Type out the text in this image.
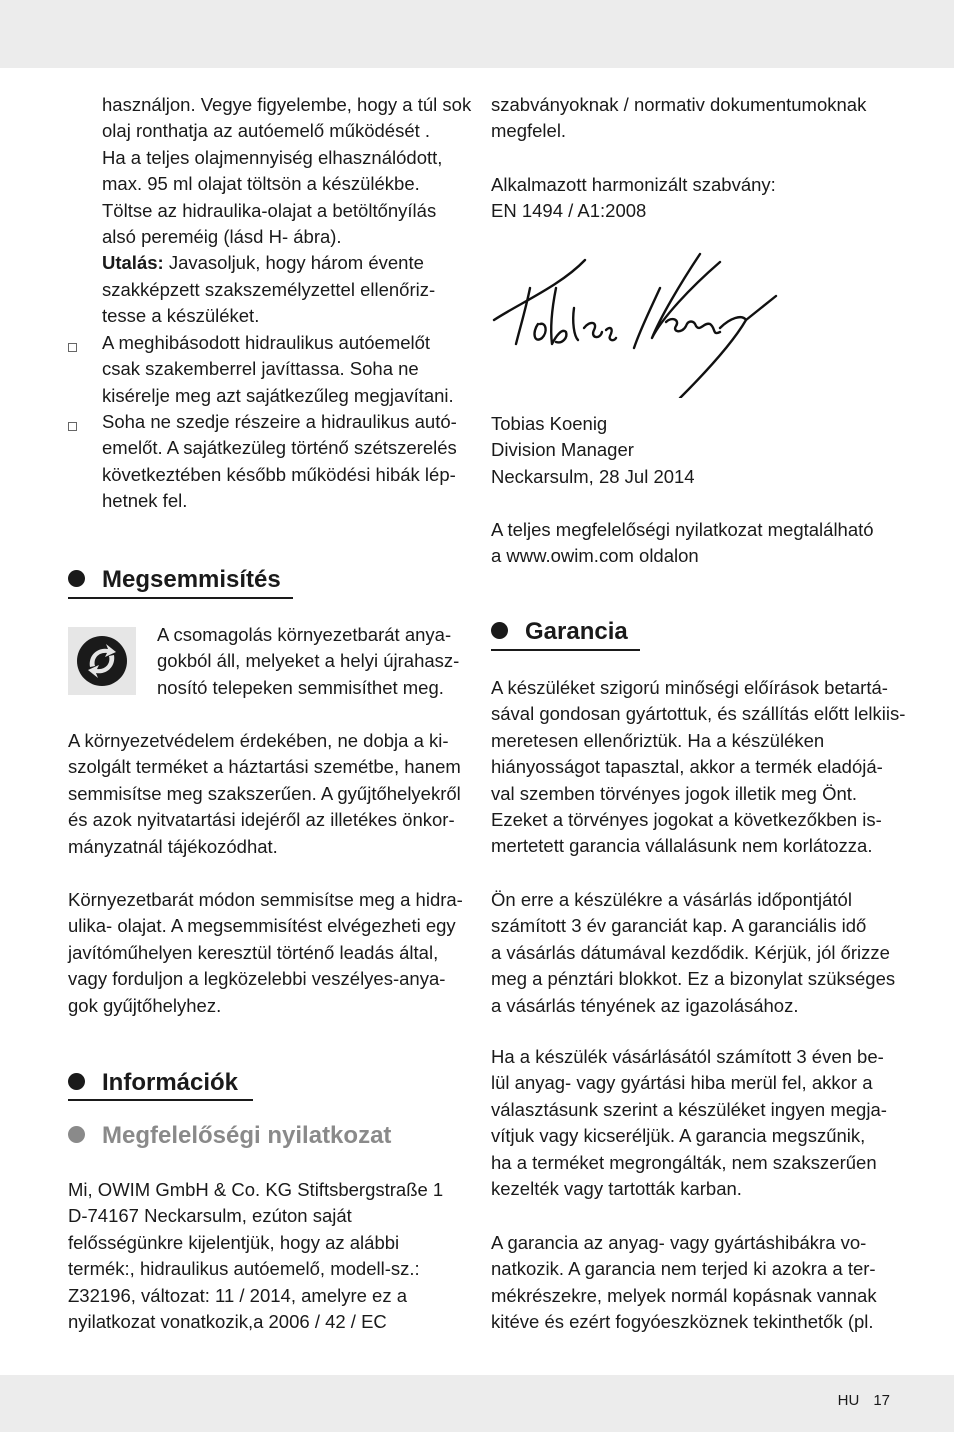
használjon. Vegye figyelembe, hogy a túl sok
olaj ronthatja az autóemelő működését .
Ha a teljes olajmennyiség elhasználódott,
max. 95 ml olajat töltsön a készülékbe.
Töltse az hidraulika-olajat a betöltőnyílás
alsó pereméig (lásd H- ábra).
Utalás: Javasoljuk, hogy három évente
szakképzett szakszemélyzettel ellenőriz-
tesse a készüléket.
A meghibásodott hidraulikus autóemelőt
csak szakemberrel javíttassa. Soha ne
kisérelje meg azt sajátkezűleg megjavítani.
Soha ne szedje részeire a hidraulikus autó-
emelőt. A sajátkezüleg történő szétszerelés
következtében később működési hibák lép-
hetnek fel.
Megsemmisítés
A csomagolás környezetbarát anya-
gokból áll, melyeket a helyi újrahasz-
nosító telepeken semmisíthet meg.
A környezetvédelem érdekében, ne dobja a ki-
szolgált terméket a háztartási szemétbe, hanem
semmisítse meg szakszerűen. A gyűjtőhelyekről
és azok nyitvatartási idejéről az illetékes önkor-
mányzatnál tájékozódhat.
Környezetbarát módon semmisítse meg a hidra-
ulika- olajat. A megsemmisítést elvégezheti egy
javítóműhelyen keresztül történő leadás által,
vagy forduljon a legközelebbi veszélyes-anya-
gok gyűjtőhelyhez.
Információk
Megfelelőségi nyilatkozat
Mi, OWIM GmbH & Co. KG Stiftsbergstraße 1
D-74167 Neckarsulm, ezúton saját
felősségünkre kijelentjük, hogy az alábbi
termék:, hidraulikus autóemelő, modell-sz.:
Z32196, változat: 11 / 2014, amelyre ez a
nyilatkozat vonatkozik,a 2006 / 42 / EC
szabványoknak / normativ dokumentumoknak
megfelel.
Alkalmazott harmonizált szabvány:
EN 1494 / A1:2008
Tobias Koenig
Division Manager
Neckarsulm, 28 Jul 2014
A teljes megfelelőségi nyilatkozat megtalálható
a www.owim.com oldalon
Garancia
A készüléket szigorú minőségi előírások betartá-
sával gondosan gyártottuk, és szállítás előtt lelkiis-
meretesen ellenőriztük. Ha a készüléken
hiányosságot tapasztal, akkor a termék eladójá-
val szemben törvényes jogok illetik meg Önt.
Ezeket a törvényes jogokat a következőkben is-
mertetett garancia vállalásunk nem korlátozza.
Ön erre a készülékre a vásárlás időpontjától
számított 3 év garanciát kap. A garanciális idő
a vásárlás dátumával kezdődik. Kérjük, jól őrizze
meg a pénztári blokkot. Ez a bizonylat szükséges
a vásárlás tényének az igazolásához.
Ha a készülék vásárlásától számított 3 éven be-
lül anyag- vagy gyártási hiba merül fel, akkor a
választásunk szerint a készüléket ingyen megja-
vítjuk vagy kicseréljük. A garancia megszűnik,
ha a terméket megrongálták, nem szakszerűen
kezelték vagy tartották karban.
A garancia az anyag- vagy gyártáshibákra vo-
natkozik. A garancia nem terjed ki azokra a ter-
mékrészekre, melyek normál kopásnak vannak
kitéve és ezért fogyóeszköznek tekinthetők (pl.
HU 17
